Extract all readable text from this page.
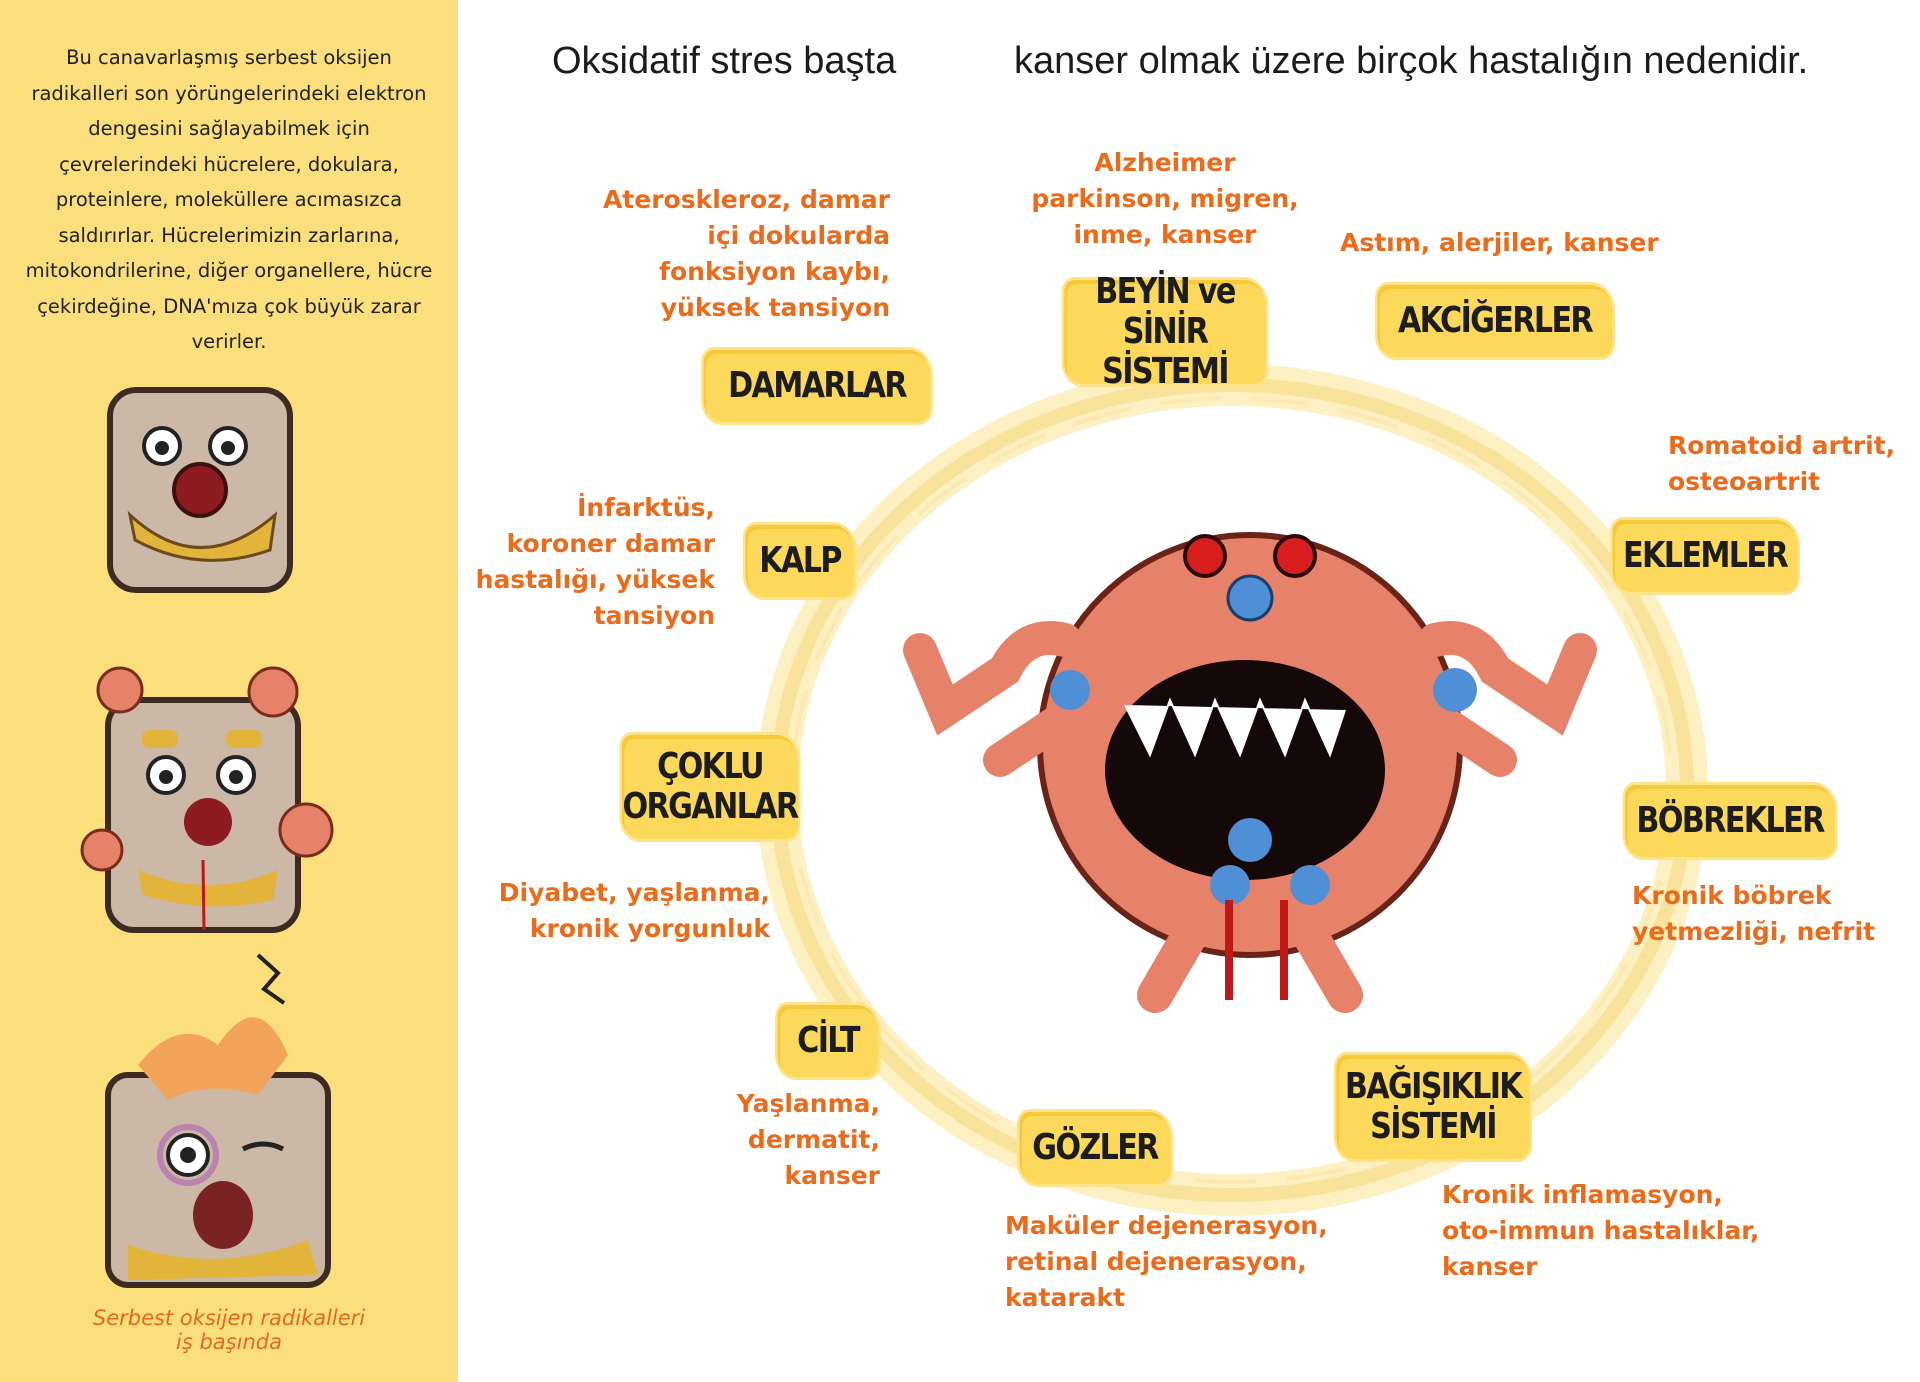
Bu canavarlaşmış serbest oksijen radikalleri son yörüngelerindeki elektron dengesini sağlayabilmek için çevrelerindeki hücrelere, dokulara, proteinlere, moleküllere acımasızca saldırırlar. Hücrelerimizin zarlarına, mitokondrilerine, diğer organellere, hücre çekirdeğine, DNA'mıza çok büyük zarar verirler.

Serbest oksijen radikalleri
iş başında
Oksidatif stres başta	kanser olmak üzere birçok hastalığın nedenidir.
BEYİN ve
SİNİR SİSTEMİ
AKCİĞERLER
DAMARLAR
KALP	EKLEMLER
ÇOKLU
ORGANLAR	BÖBREKLER
CİLT
BAĞIŞIKLIK
SİSTEMİ
GÖZLER
Alzheimer
parkinson, migren,
inme, kanser	Astım, alerjiler, kanser
Ateroskleroz, damar
içi dokularda
fonksiyon kaybı,
yüksek tansiyon
Romatoid artrit,
osteoartrit
İnfarktüs,
koroner damar
hastalığı, yüksek
tansiyon
Diyabet, yaşlanma,
kronik yorgunluk
Kronik böbrek
yetmezliği, nefrit
Yaşlanma,
dermatit,
kanser
Maküler dejenerasyon,
retinal dejenerasyon,
katarakt
Kronik inflamasyon,
oto-immun hastalıklar,
kanser
